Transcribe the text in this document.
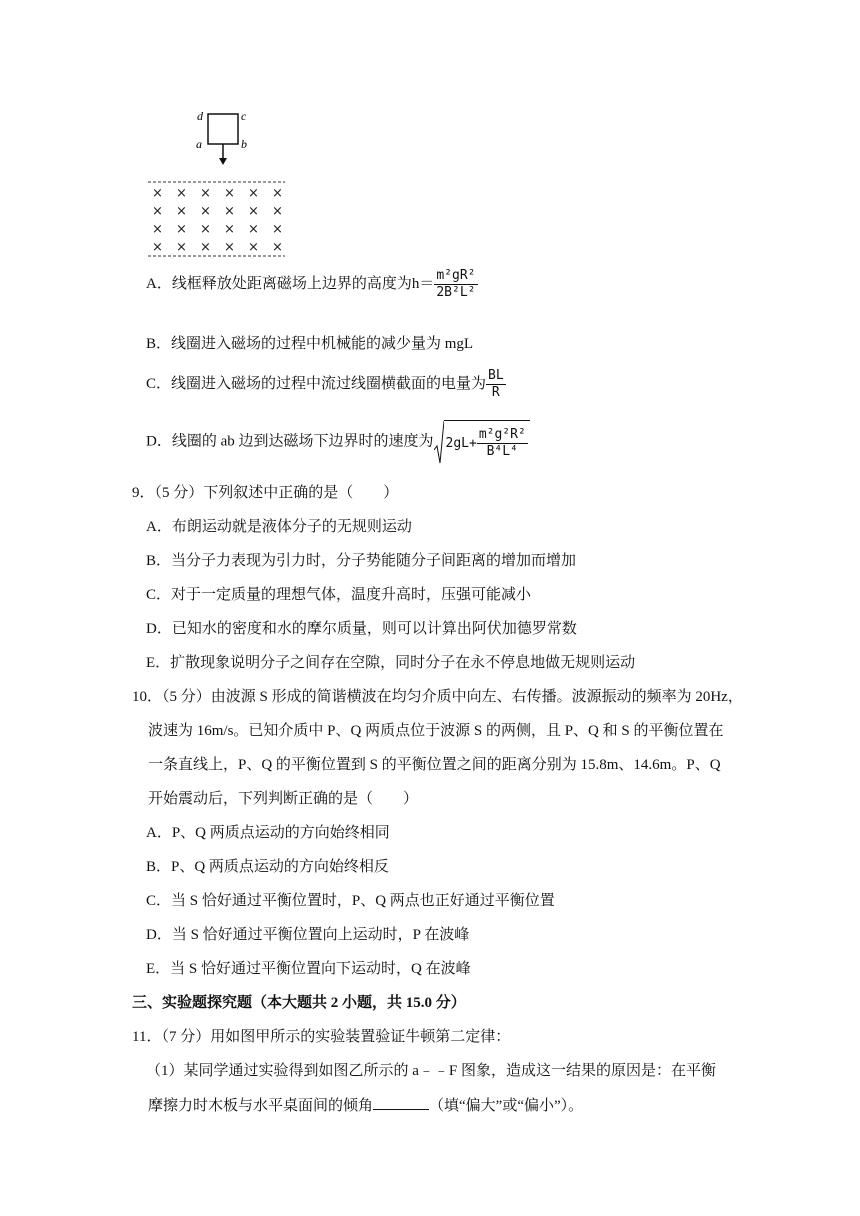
d	c
a	b
× × × × × ×
× × × × × ×
× × × × × ×
× × × × × ×
A．线框释放处距离磁场上边界的高度为$h= \frac{\text{m²gR²}}{\text{2B²L²}}$
B．线圈进入磁场的过程中机械能的减少量为 mgL
C．线圈进入磁场的过程中流过线圈横截面的电量为 $\frac{BL}{R}$
D．线圈的 ab 边到达磁场下边界时的速度为 $2gL+ \frac{\text{m²g²R²}}{\text{B⁴L⁴}}$
9．（5 分）下列叙述中正确的是（　　）
A．布朗运动就是液体分子的无规则运动
B．当分子力表现为引力时，分子势能随分子间距离的增加而增加
C．对于一定质量的理想气体，温度升高时，压强可能减小
D．已知水的密度和水的摩尔质量，则可以计算出阿伏加德罗常数
E．扩散现象说明分子之间存在空隙，同时分子在永不停息地做无规则运动
10．（5 分）由波源 S 形成的简谐横波在均匀介质中向左、右传播。波源振动的频率为 20Hz，
波速为 16m/s。已知介质中 P、Q 两质点位于波源 S 的两侧，且 P、Q 和 S 的平衡位置在
一条直线上，P、Q 的平衡位置到 S 的平衡位置之间的距离分别为 15.8m、14.6m。P、Q
开始震动后，下列判断正确的是（　　）
A．P、Q 两质点运动的方向始终相同
B．P、Q 两质点运动的方向始终相反
C．当 S 恰好通过平衡位置时，P、Q 两点也正好通过平衡位置
D．当 S 恰好通过平衡位置向上运动时，P 在波峰
E．当 S 恰好通过平衡位置向下运动时，Q 在波峰
三、实验题探究题（本大题共 2 小题，共 15.0 分）
11．（7 分）用如图甲所示的实验装置验证牛顿第二定律：
（1）某同学通过实验得到如图乙所示的 a﹣﹣F 图象，造成这一结果的原因是：在平衡
摩擦力时木板与水平桌面间的倾角	（填“偏大”或“偏小”）。
